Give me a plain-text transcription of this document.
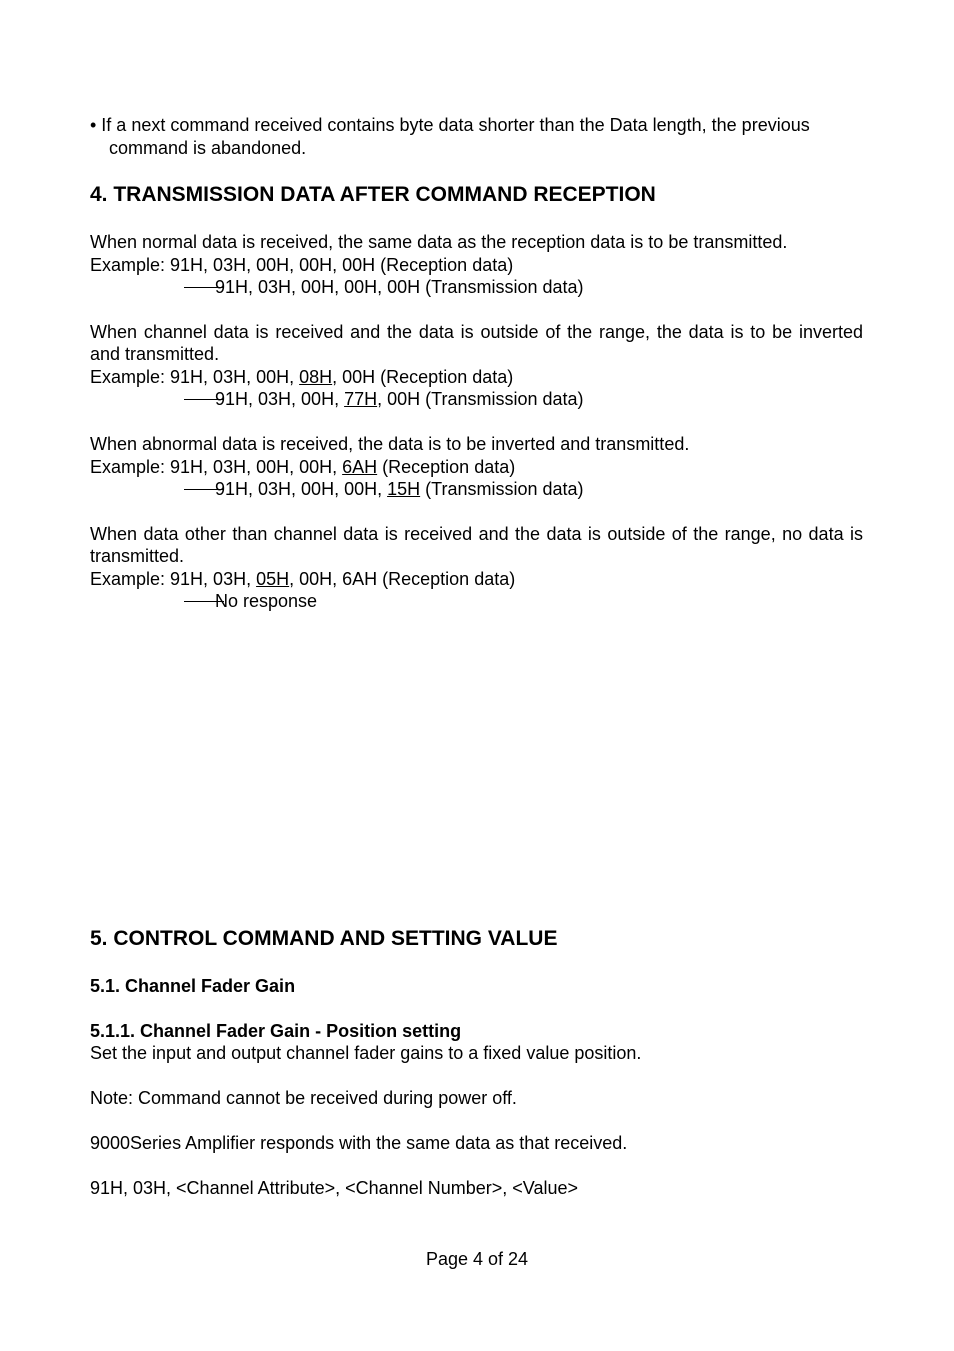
• If a next command received contains byte data shorter than the Data length, the previous
command is abandoned.
4. TRANSMISSION DATA AFTER COMMAND RECEPTION
When normal data is received, the same data as the reception data is to be transmitted.
Example: 91H, 03H, 00H, 00H, 00H (Reception data)
91H, 03H, 00H, 00H, 00H (Transmission data)
When channel data is received and the data is outside of the range, the data is to be inverted and transmitted.
Example: 91H, 03H, 00H, 08H, 00H (Reception data)
91H, 03H, 00H, 77H, 00H (Transmission data)
When abnormal data is received, the data is to be inverted and transmitted.
Example: 91H, 03H, 00H, 00H, 6AH (Reception data)
91H, 03H, 00H, 00H, 15H (Transmission data)
When data other than channel data is received and the data is outside of the range, no data is transmitted.
Example: 91H, 03H, 05H, 00H, 6AH (Reception data)
No response
5. CONTROL COMMAND AND SETTING VALUE
5.1. Channel Fader Gain
5.1.1. Channel Fader Gain - Position setting
Set the input and output channel fader gains to a fixed value position.
Note: Command cannot be received during power off.
9000Series Amplifier responds with the same data as that received.
91H, 03H, <Channel Attribute>, <Channel Number>, <Value>
Page 4 of 24
